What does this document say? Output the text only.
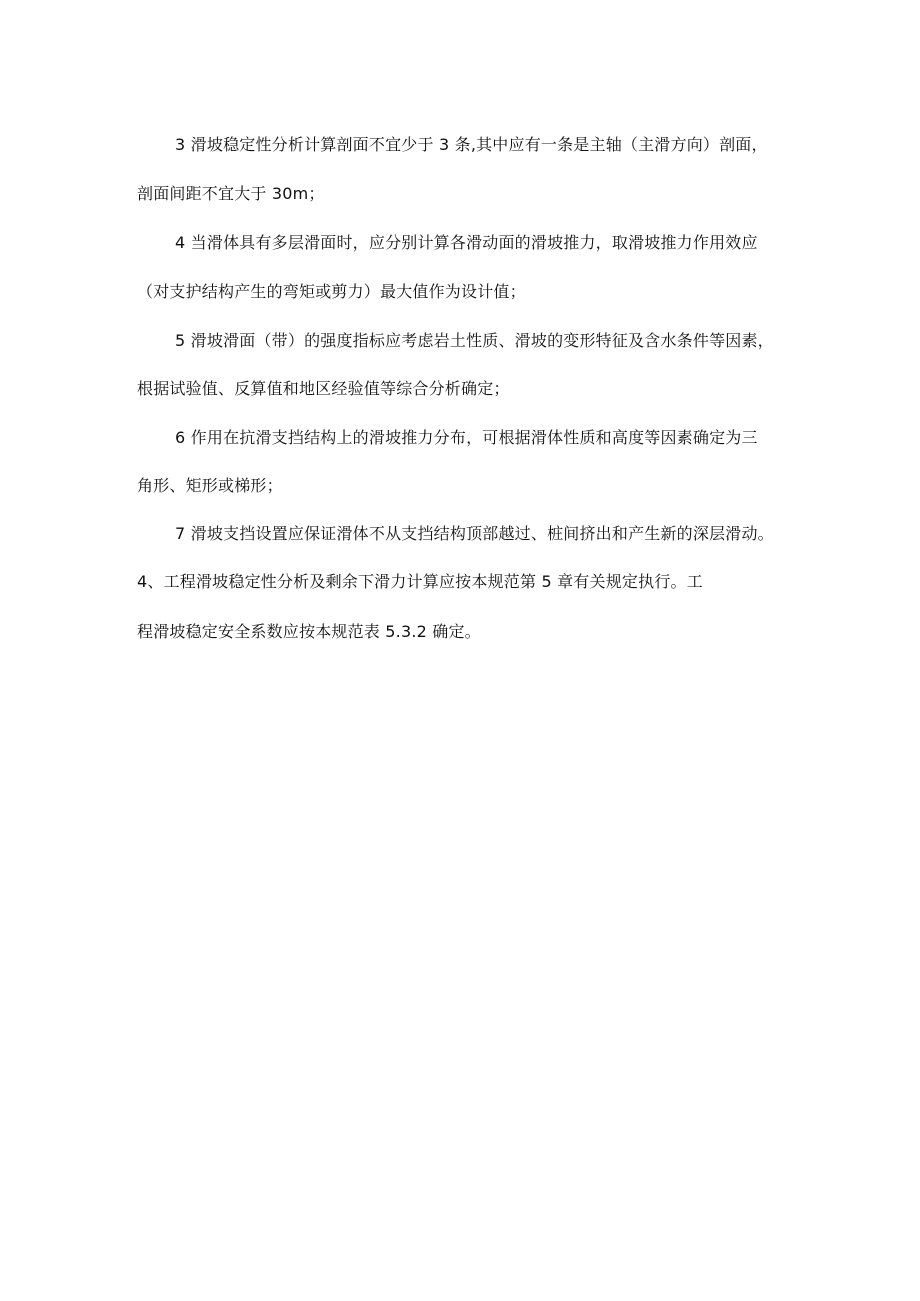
3 滑坡稳定性分析计算剖面不宜少于 3 条,其中应有一条是主轴（主滑方向）剖面，
剖面间距不宜大于 30m；
4 当滑体具有多层滑面时，应分别计算各滑动面的滑坡推力，取滑坡推力作用效应
（对支护结构产生的弯矩或剪力）最大值作为设计值；
5 滑坡滑面（带）的强度指标应考虑岩土性质、滑坡的变形特征及含水条件等因素，
根据试验值、反算值和地区经验值等综合分析确定；
6 作用在抗滑支挡结构上的滑坡推力分布，可根据滑体性质和高度等因素确定为三
角形、矩形或梯形；
7 滑坡支挡设置应保证滑体不从支挡结构顶部越过、桩间挤出和产生新的深层滑动。
4、工程滑坡稳定性分析及剩余下滑力计算应按本规范第 5 章有关规定执行。工
程滑坡稳定安全系数应按本规范表 5.3.2 确定。
